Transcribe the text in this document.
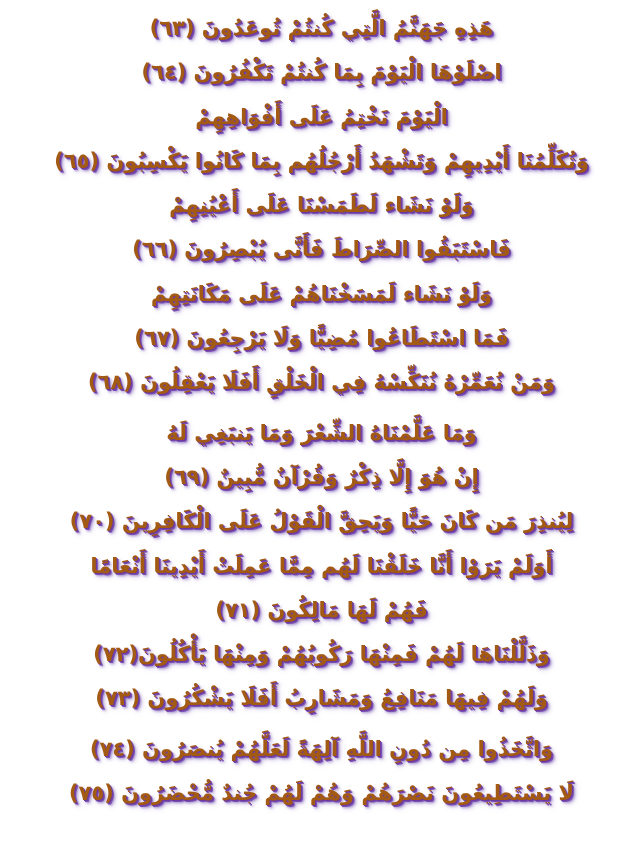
هَذِهِ جَهَنَّمُ الَّتِي كُنتُمْ تُوعَدُونَ (٦٣)
اصْلَوْهَا الْيَوْمَ بِمَا كُنتُمْ تَكْفُرُونَ (٦٤)
الْيَوْمَ نَخْتِمُ عَلَى أَفْوَاهِهِمْ
وَتُكَلِّمُنَا أَيْدِيهِمْ وَتَشْهَدُ أَرْجُلُهُم بِمَا كَانُوا يَكْسِبُونَ (٦٥)
وَلَوْ نَشَاء لَطَمَسْنَا عَلَى أَعْيُنِهِمْ
فَاسْتَبَقُوا الصِّرَاطَ فَأَنَّى يُبْصِرُونَ (٦٦)
وَلَوْ نَشَاء لَمَسَخْنَاهُمْ عَلَى مَكَانَتِهِمْ
فَمَا اسْتَطَاعُوا مُضِيًّا وَلَا يَرْجِعُونَ (٦٧)
وَمَنْ نُعَمِّرْهُ نُنَكِّسْهُ فِي الْخَلْقِ أَفَلَا يَعْقِلُونَ (٦٨)
وَمَا عَلَّمْنَاهُ الشِّعْرَ وَمَا يَنبَغِي لَهُ
إِنْ هُوَ إِلَّا ذِكْرٌ وَقُرْآنٌ مُّبِينٌ (٦٩)
لِيُنذِرَ مَن كَانَ حَيًّا وَيَحِقَّ الْقَوْلُ عَلَى الْكَافِرِينَ (٧٠)
أَوَلَمْ يَرَوْا أَنَّا خَلَقْنَا لَهُم مِمَّا عَمِلَتْ أَيْدِينَا أَنْعَامًا
فَهُمْ لَهَا مَالِكُونَ (٧١)
وَذَلَّلْنَاهَا لَهُمْ فَمِنْهَا رَكُوبُهُمْ وَمِنْهَا يَأْكُلُونَ(٧٢)
وَلَهُمْ فِيهَا مَنَافِعُ وَمَشَارِبُ أَفَلَا يَشْكُرُونَ (٧٣)
وَاتَّخَذُوا مِن دُونِ اللَّهِ آلِهَةً لَعَلَّهُمْ يُنصَرُونَ (٧٤)
لَا يَسْتَطِيعُونَ نَصْرَهُمْ وَهُمْ لَهُمْ جُندٌ مُّحْضَرُونَ (٧٥)
